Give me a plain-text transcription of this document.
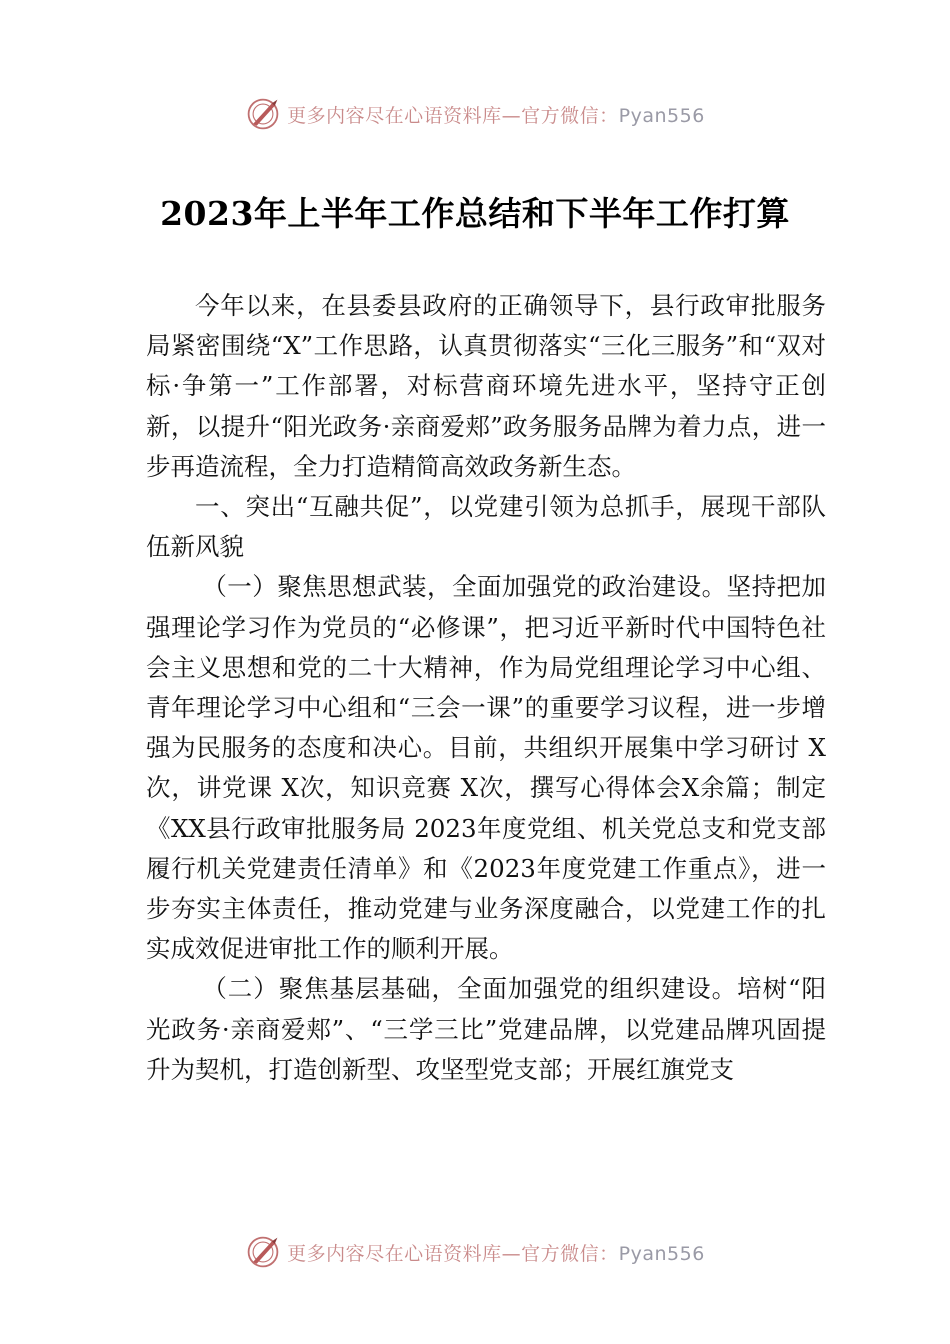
更多内容尽在心语资料库—官方微信：Pyan556
2023年上半年工作总结和下半年工作打算

今年以来，在县委县政府的正确领导下，县行政审批服务局紧密围绕“X”工作思路，认真贯彻落实“三化三服务”和“双对标·争第一”工作部署，对标营商环境先进水平，坚持守正创新，以提升“阳光政务·亲商爱郏”政务服务品牌为着力点，进一步再造流程，全力打造精简高效政务新生态。

一、突出“互融共促”，以党建引领为总抓手，展现干部队伍新风貌

（一）聚焦思想武装，全面加强党的政治建设。坚持把加强理论学习作为党员的“必修课”，把习近平新时代中国特色社会主义思想和党的二十大精神，作为局党组理论学习中心组、青年理论学习中心组和“三会一课”的重要学习议程，进一步增强为民服务的态度和决心。目前，共组织开展集中学习研讨 X次，讲党课 X次，知识竞赛 X次，撰写心得体会X余篇；制定《XX县行政审批服务局 2023年度党组、机关党总支和党支部履行机关党建责任清单》和《2023年度党建工作重点》，进一步夯实主体责任，推动党建与业务深度融合，以党建工作的扎实成效促进审批工作的顺利开展。

（二）聚焦基层基础，全面加强党的组织建设。培树“阳光政务·亲商爱郏”、“三学三比”党建品牌，以党建品牌巩固提升为契机，打造创新型、攻坚型党支部；开展红旗党支

更多内容尽在心语资料库—官方微信：Pyan556
